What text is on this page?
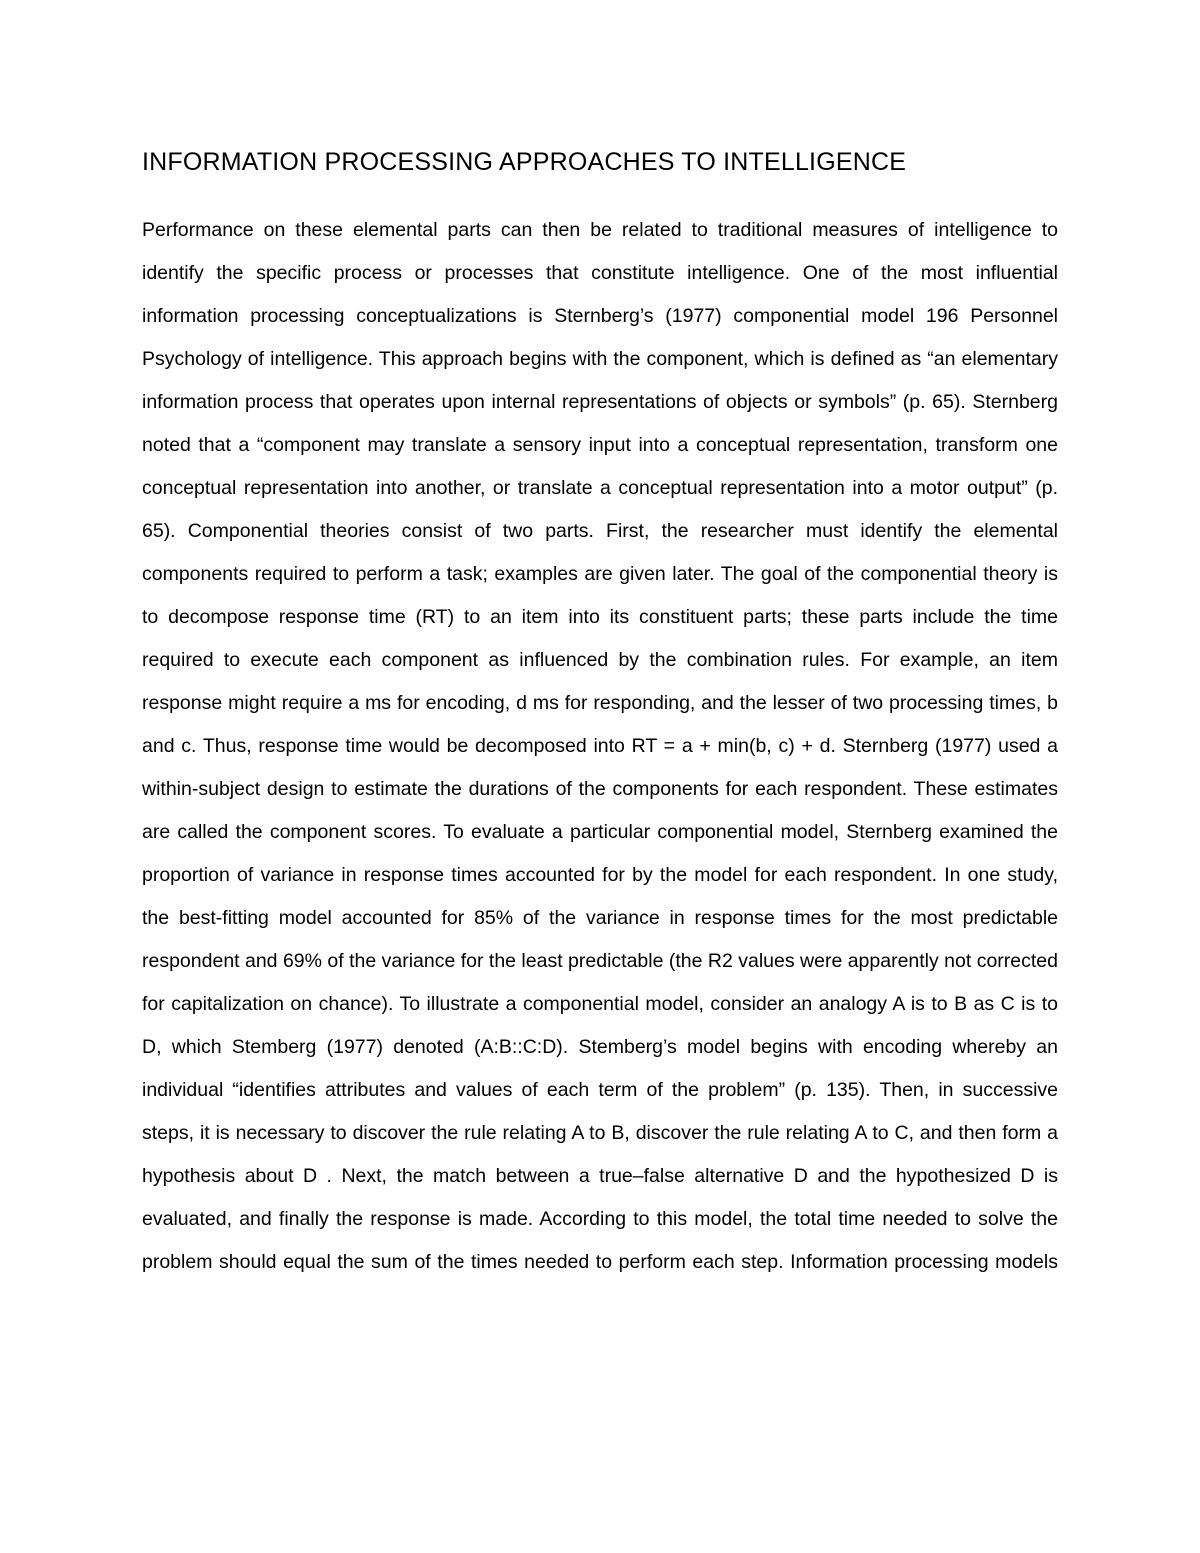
INFORMATION PROCESSING APPROACHES TO INTELLIGENCE

Performance on these elemental parts can then be related to traditional measures of intelligence to identify the specific process or processes that constitute intelligence. One of the most influential information processing conceptualizations is Sternberg’s (1977) componential model 196 Personnel Psychology of intelligence. This approach begins with the component, which is defined as “an elementary information process that operates upon internal representations of objects or symbols” (p. 65). Sternberg noted that a “component may translate a sensory input into a conceptual representation, transform one conceptual representation into another, or translate a conceptual representation into a motor output” (p. 65). Componential theories consist of two parts. First, the researcher must identify the elemental components required to perform a task; examples are given later. The goal of the componential theory is to decompose response time (RT) to an item into its constituent parts; these parts include the time required to execute each component as influenced by the combination rules. For example, an item response might require a ms for encoding, d ms for responding, and the lesser of two processing times, b and c. Thus, response time would be decomposed into RT = a + min(b, c) + d. Sternberg (1977) used a within-subject design to estimate the durations of the components for each respondent. These estimates are called the component scores. To evaluate a particular componential model, Sternberg examined the proportion of variance in response times accounted for by the model for each respondent. In one study, the best-fitting model accounted for 85% of the variance in response times for the most predictable respondent and 69% of the variance for the least predictable (the R2 values were apparently not corrected for capitalization on chance). To illustrate a componential model, consider an analogy A is to B as C is to D, which Stemberg (1977) denoted (A:B::C:D). Stemberg’s model begins with encoding whereby an individual “identifies attributes and values of each term of the problem” (p. 135). Then, in successive steps, it is necessary to discover the rule relating A to B, discover the rule relating A to C, and then form a hypothesis about D . Next, the match between a true–false alternative D and the hypothesized D is evaluated, and finally the response is made. According to this model, the total time needed to solve the problem should equal the sum of the times needed to perform each step. Information processing models
